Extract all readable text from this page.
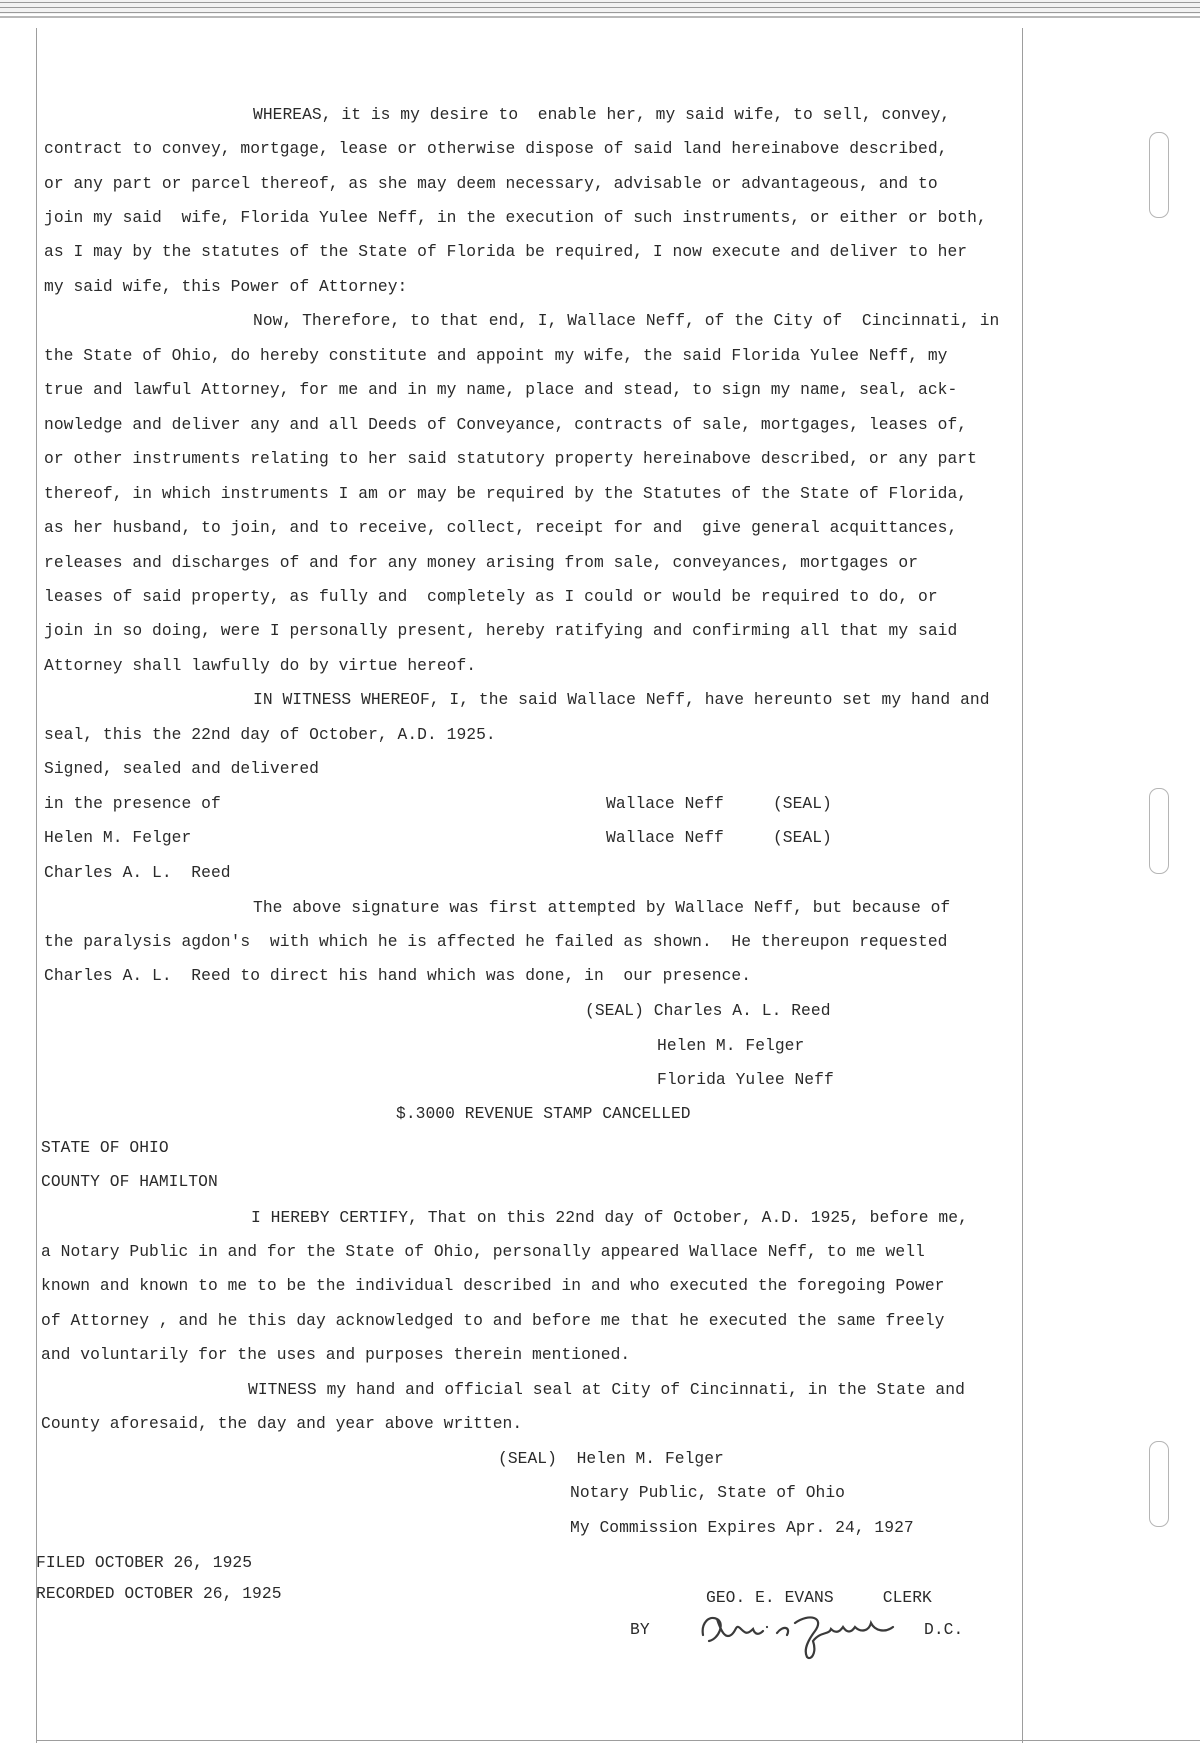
WHEREAS, it is my desire to  enable her, my said wife, to sell, convey,
contract to convey, mortgage, lease or otherwise dispose of said land hereinabove described,
or any part or parcel thereof, as she may deem necessary, advisable or advantageous, and to
join my said  wife, Florida Yulee Neff, in the execution of such instruments, or either or both,
as I may by the statutes of the State of Florida be required, I now execute and deliver to her
my said wife, this Power of Attorney:
Now, Therefore, to that end, I, Wallace Neff, of the City of  Cincinnati, in
the State of Ohio, do hereby constitute and appoint my wife, the said Florida Yulee Neff, my
true and lawful Attorney, for me and in my name, place and stead, to sign my name, seal, ack-
nowledge and deliver any and all Deeds of Conveyance, contracts of sale, mortgages, leases of,
or other instruments relating to her said statutory property hereinabove described, or any part
thereof, in which instruments I am or may be required by the Statutes of the State of Florida,
as her husband, to join, and to receive, collect, receipt for and  give general acquittances,
releases and discharges of and for any money arising from sale, conveyances, mortgages or
leases of said property, as fully and  completely as I could or would be required to do, or
join in so doing, were I personally present, hereby ratifying and confirming all that my said
Attorney shall lawfully do by virtue hereof.
IN WITNESS WHEREOF, I, the said Wallace Neff, have hereunto set my hand and
seal, this the 22nd day of October, A.D. 1925.
Signed, sealed and delivered
in the presence of	Wallace Neff     (SEAL)
Helen M. Felger	Wallace Neff     (SEAL)
Charles A. L.  Reed
The above signature was first attempted by Wallace Neff, but because of
the paralysis agdon's  with which he is affected he failed as shown.  He thereupon requested
Charles A. L.  Reed to direct his hand which was done, in  our presence.
(SEAL) Charles A. L. Reed
Helen M. Felger
Florida Yulee Neff
$.3000 REVENUE STAMP CANCELLED
STATE OF OHIO
COUNTY OF HAMILTON
I HEREBY CERTIFY, That on this 22nd day of October, A.D. 1925, before me,
a Notary Public in and for the State of Ohio, personally appeared Wallace Neff, to me well
known and known to me to be the individual described in and who executed the foregoing Power
of Attorney , and he this day acknowledged to and before me that he executed the same freely
and voluntarily for the uses and purposes therein mentioned.
WITNESS my hand and official seal at City of Cincinnati, in the State and
County aforesaid, the day and year above written.
(SEAL)  Helen M. Felger
Notary Public, State of Ohio
My Commission Expires Apr. 24, 1927
FILED OCTOBER 26, 1925
RECORDED OCTOBER 26, 1925	GEO. E. EVANS     CLERK
BY	D.C.
